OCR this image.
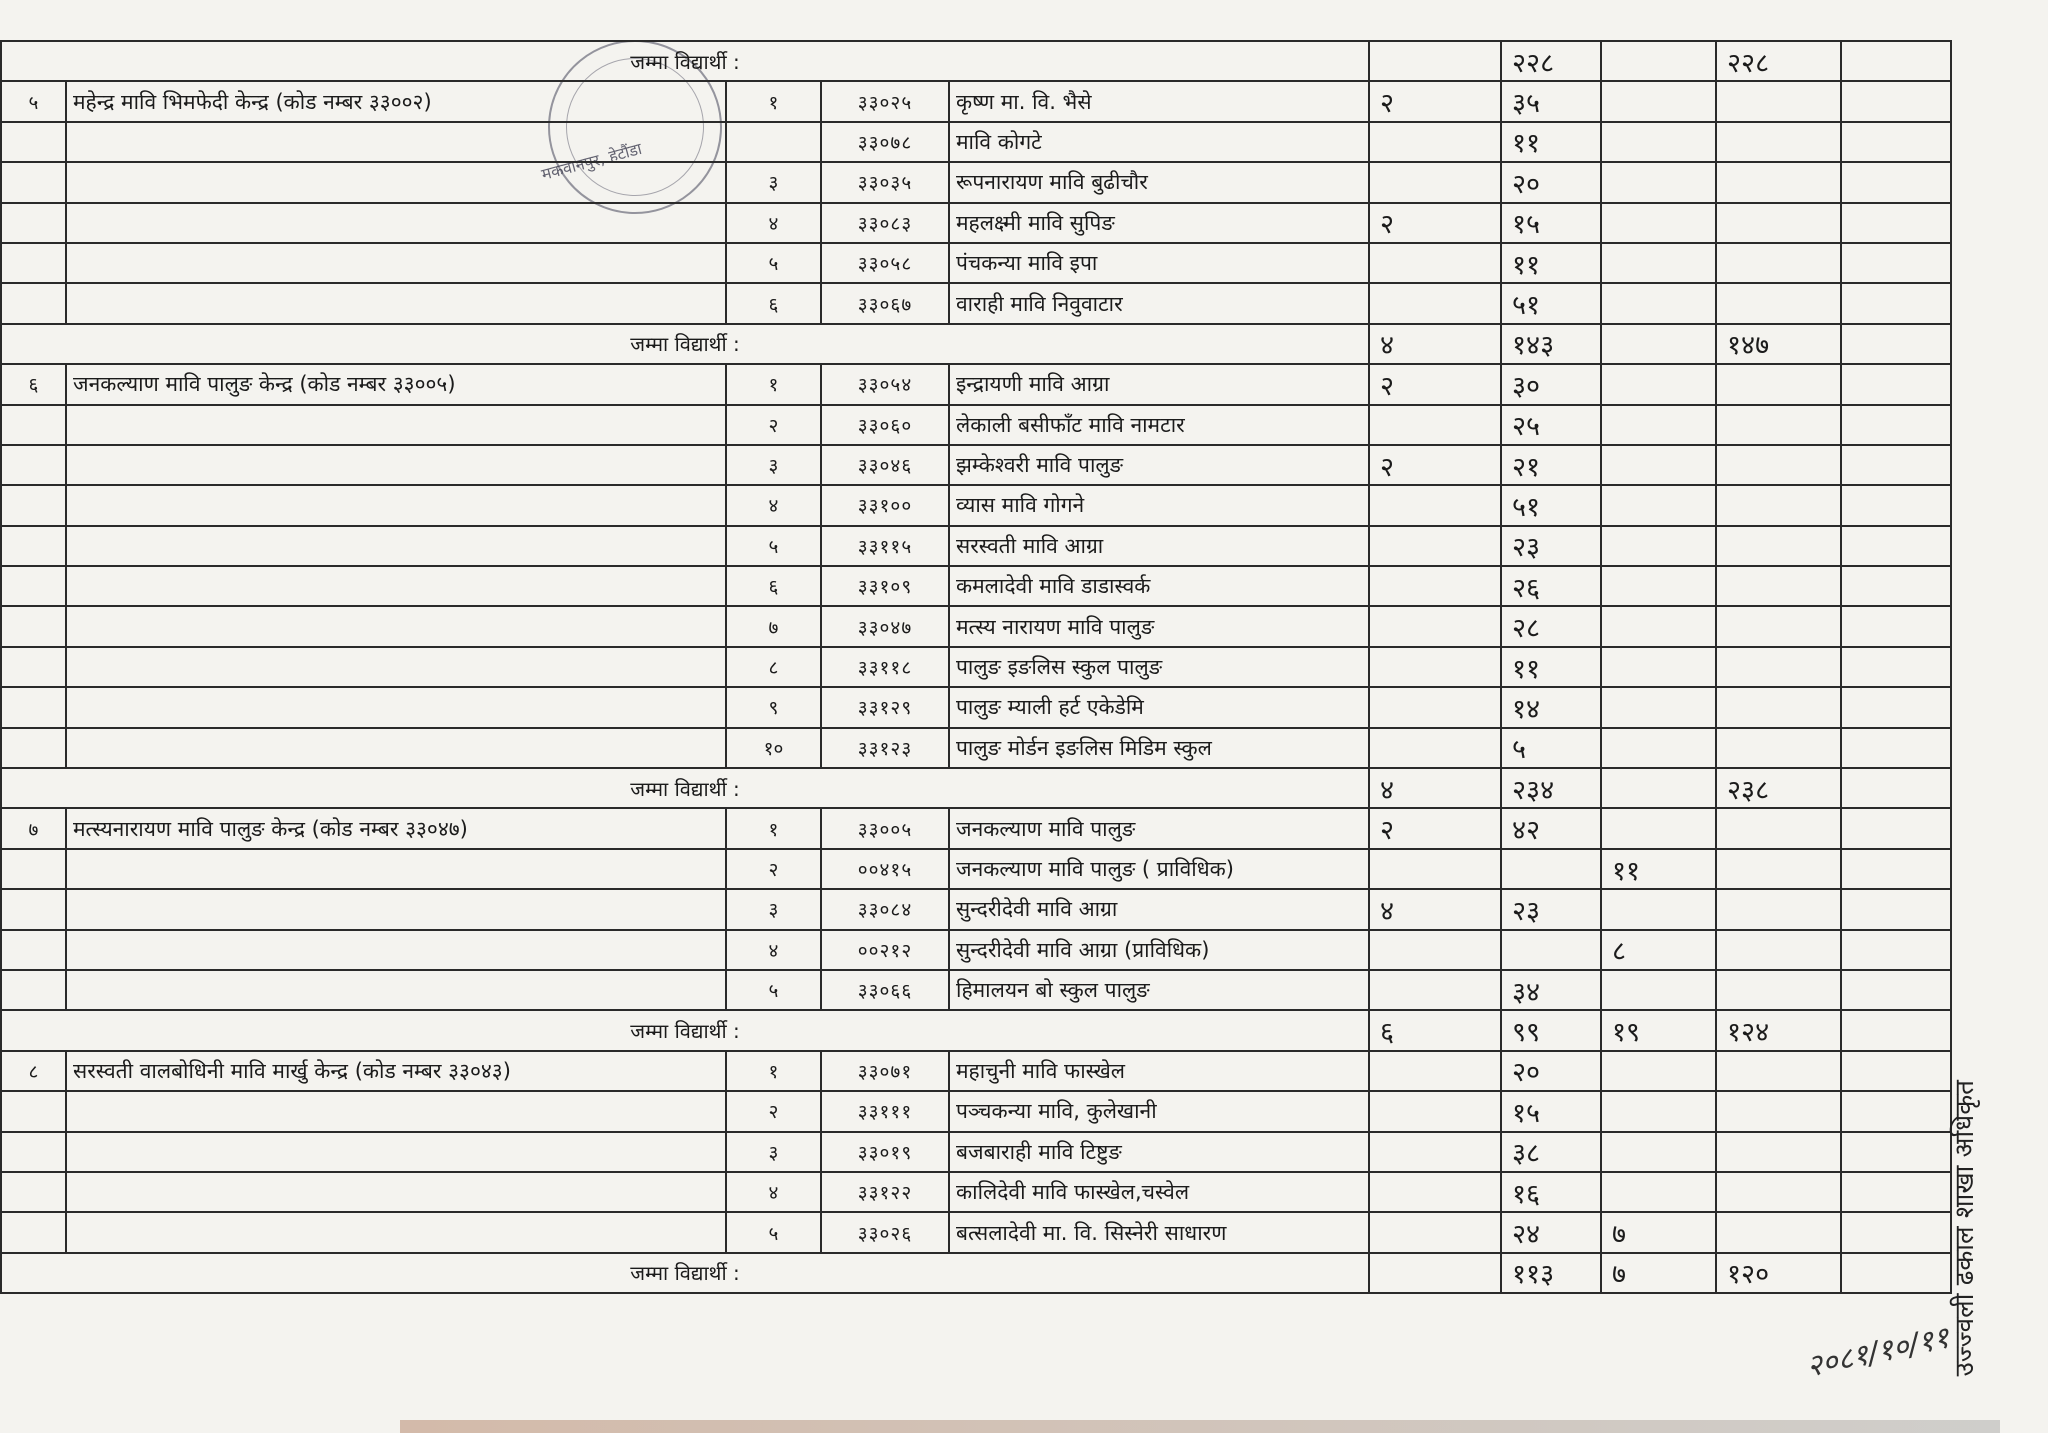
मकवानपुर, हेटौंडा
जम्मा विद्यार्थी :						२२८		२२८	
५	महेन्द्र मावि भिमफेदी केन्द्र (कोड नम्बर ३३००२)	१	३३०२५	कृष्ण मा. वि. भैसे	२	३५			
			३३०७८	मावि कोगटे		११			
		३	३३०३५	रूपनारायण मावि बुढीचौर		२०			
		४	३३०८३	महलक्ष्मी मावि सुपिङ	२	१५			
		५	३३०५८	पंचकन्या मावि इपा		११			
		६	३३०६७	वाराही मावि निवुवाटार		५१			
जम्मा विद्यार्थी :					४	१४३		१४७	
६	जनकल्याण मावि पालुङ केन्द्र (कोड नम्बर ३३००५)	१	३३०५४	इन्द्रायणी मावि आग्रा	२	३०			
		२	३३०६०	लेकाली बसीफाँट मावि नामटार		२५			
		३	३३०४६	झम्केश्वरी मावि पालुङ	२	२१			
		४	३३१००	व्यास मावि गोगने		५१			
		५	३३११५	सरस्वती मावि आग्रा		२३			
		६	३३१०९	कमलादेवी मावि डाडास्वर्क		२६			
		७	३३०४७	मत्स्य नारायण मावि पालुङ		२८			
		८	३३११८	पालुङ इङलिस स्कुल पालुङ		११			
		९	३३१२९	पालुङ म्याली हर्ट एकेडेमि		१४			
		१०	३३१२३	पालुङ मोर्डन इङलिस मिडिम स्कुल		५			
जम्मा विद्यार्थी :					४	२३४		२३८	
७	मत्स्यनारायण मावि पालुङ केन्द्र (कोड नम्बर ३३०४७)	१	३३००५	जनकल्याण मावि पालुङ	२	४२			
		२	००४१५	जनकल्याण मावि पालुङ ( प्राविधिक)			११		
		३	३३०८४	सुन्दरीदेवी मावि आग्रा	४	२३			
		४	००२१२	सुन्दरीदेवी मावि आग्रा (प्राविधिक)			८		
		५	३३०६६	हिमालयन बो स्कुल पालुङ		३४			
जम्मा विद्यार्थी :					६	९९	१९	१२४	
८	सरस्वती वालबोधिनी मावि मार्खु केन्द्र (कोड नम्बर ३३०४३)	१	३३०७१	महाचुनी मावि फास्खेल		२०			
		२	३३१११	पञ्चकन्या मावि, कुलेखानी		१५			
		३	३३०१९	बजबाराही मावि टिष्टुङ		३८			
		४	३३१२२	कालिदेवी मावि फास्खेल,चस्वेल		१६			
		५	३३०२६	बत्सलादेवी मा. वि. सिस्नेरी साधारण		२४	७		
जम्मा विद्यार्थी :						११३	७	१२०		उज्ज्वली ढकाल शाखा अधिकृत
२०८१/१०/११
